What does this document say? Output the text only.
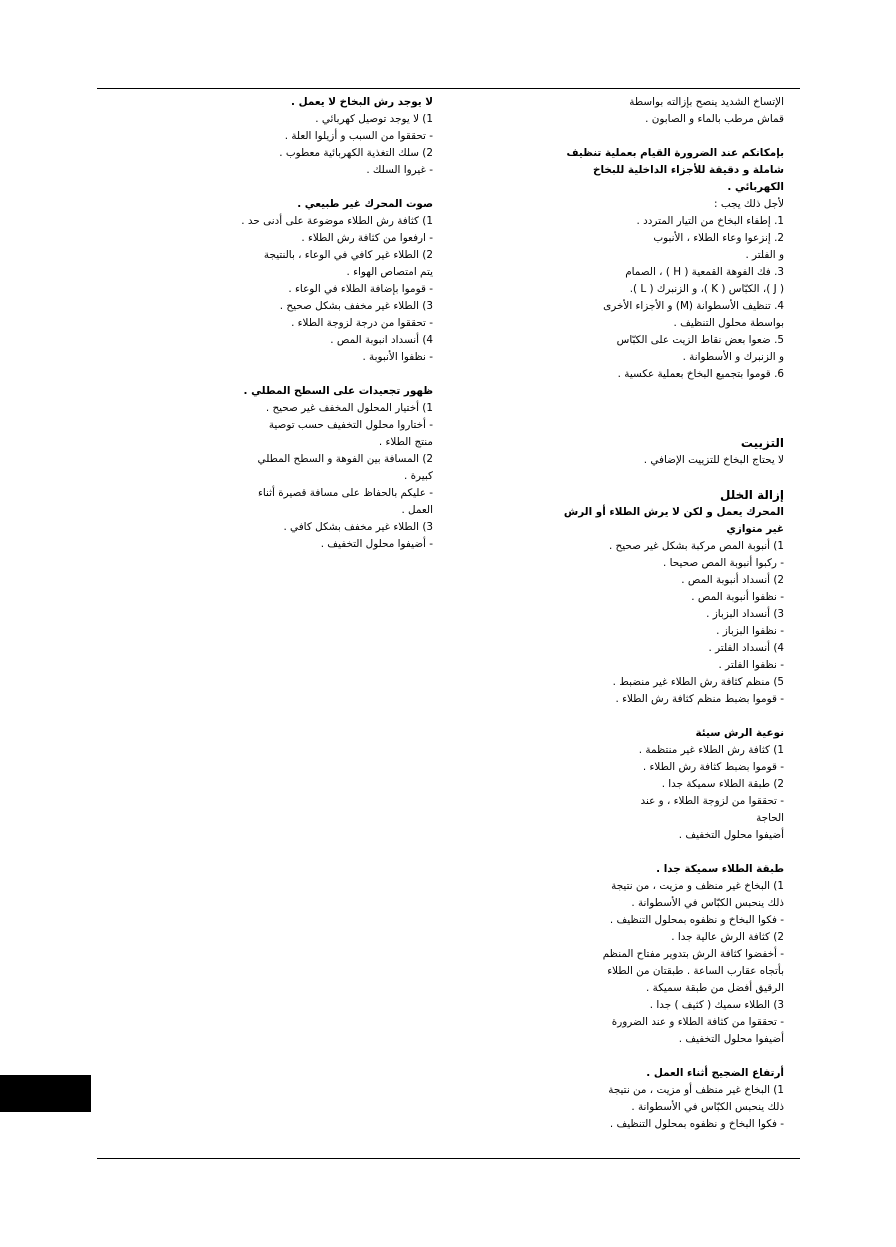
الإتساخ الشديد ينصح بإزالته بواسطة
قماش مرطب بالماء و الصابون .
بإمكانكم عند الضرورة القيام بعملية تنظيف
شاملة و دقيقة للأجزاء الداخلية للبخاخ
الكهربائي .
لأجل ذلك يجب :
1. إطفاء البخاخ من التيار المتردد .
2. إنزعوا وعاء الطلاء ، الأنبوب
و الفلتر .
3. فك الفوهة القمعية ( H ) ، الصمام
( J )، الكبّاس ( K )، و الزنبرك ( L ).
4. تنظيف الأسطوانة (M) و الأجزاء الأخرى
بواسطة محلول التنظيف .
5. ضعوا بعض نقاط الزيت على الكبّاس
و الزنبرك و الأسطوانة .
6. قوموا بتجميع البخاخ بعملية عكسية .
التزييت
لا يحتاج البخاخ للتزييت الإضافي .
إزالة الخلل
المحرك يعمل و لكن لا يرش الطلاء أو الرش
غير متوازي
1) أنبوبة المص مركبة بشكل غير صحيح .
- ركبوا أنبوبة المص صحيحا .
2) أنسداد أنبوبة المص .
- نظفوا أنبوبة المص .
3) أنسداد البزباز .
- نظفوا البزباز .
4) أنسداد الفلتر .
- نظفوا الفلتر .
5) منظم كثافة رش الطلاء غير منضبط .
- قوموا بضبط منظم كثافة رش الطلاء .
نوعية الرش سيئة
1) كثافة رش الطلاء غير منتظمة .
- قوموا بضبط كثافة رش الطلاء .
2) طبقة الطلاء سميكة جدا .
- تحققوا من لزوجة الطلاء ، و عند
الحاجة
أضيفوا محلول التخفيف .
طبقة الطلاء سميكة جدا .
1) البخاخ غير منظف و مزيت ، من نتيجة
ذلك ينحبس الكبّاس في الأسطوانة .
- فكوا البخاخ و نظفوه بمحلول التنظيف .
2) كثافة الرش عالية جدا .
- أخفضوا كثافة الرش بتدوير مفتاح المنظم
بأتجاه عقارب الساعة . طبقتان من الطلاء
الرقيق أفضل من طبقة سميكة .
3) الطلاء سميك ( كثيف ) جدا .
- تحققوا من كثافة الطلاء و عند الضرورة
أضيفوا محلول التخفيف .
أرتفاع الضجيج أثناء العمل .
1) البخاخ غير منظف أو مزيت ، من نتيجة
ذلك ينحبس الكبّاس في الأسطوانة .
- فكوا البخاخ و نظفوه بمحلول التنظيف .
لا يوجد رش البخاخ لا يعمل .
1) لا يوجد توصيل كهربائي .
- تحققوا من السبب و أزيلوا العلة .
2) سلك التغذية الكهربائية معطوب .
- غيروا السلك .
صوت المحرك غير طبيعي .
1) كثافة رش الطلاء موضوعة على أدنى حد .
- ارفعوا من كثافة رش الطلاء .
2) الطلاء غير كافي في الوعاء ، بالنتيجة
يتم امتصاص الهواء .
- قوموا بإضافة الطلاء في الوعاء .
3) الطلاء غير مخفف بشكل صحيح .
- تحققوا من درجة لزوجة الطلاء .
4) أنسداد انبوبة المص .
- نظفوا الأنبوبة .
ظهور تجعيدات على السطح المطلي .
1) أختيار المحلول المخفف غير صحيح .
- أختاروا محلول التخفيف حسب توصية
منتج الطلاء .
2) المسافة بين الفوهة و السطح المطلي
كبيرة .
- عليكم بالحفاظ على مسافة قصيرة أثناء
العمل .
3) الطلاء غير مخفف بشكل كافي .
- أضيفوا محلول التخفيف .
